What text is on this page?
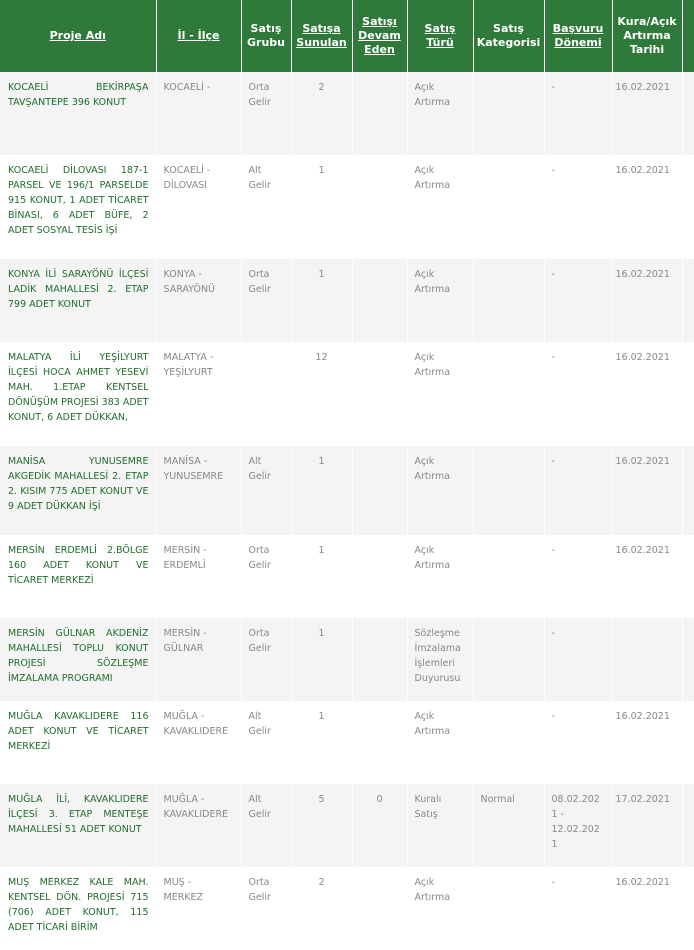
Proje Adı	İl - İlçe	Satış Grubu	Satışa Sunulan	Satışı Devam Eden	Satış Türü	Satış Kategorisi	Başvuru Dönemi	Kura/Açık Artırma Tarihi	
KOCAELİ BEKİRPAŞA TAVŞANTEPE 396 KONUT	KOCAELİ -	Orta Gelir	2		Açık Artırma		-	16.02.2021	
KOCAELİ DİLOVASI 187-1 PARSEL VE 196/1 PARSELDE 915 KONUT, 1 ADET TİCARET BİNASI, 6 ADET BÜFE, 2 ADET SOSYAL TESİS İŞİ	KOCAELİ - DİLOVASI	Alt Gelir	1		Açık Artırma		-	16.02.2021	
KONYA İLİ SARAYÖNÜ İLÇESİ LADİK MAHALLESİ 2. ETAP 799 ADET KONUT	KONYA - SARAYÖNÜ	Orta Gelir	1		Açık Artırma		-	16.02.2021	
MALATYA İLİ YEŞİLYURT İLÇESİ HOCA AHMET YESEVİ MAH. 1.ETAP KENTSEL DÖNÜŞÜM PROJESİ 383 ADET KONUT, 6 ADET DÜKKAN,	MALATYA - YEŞİLYURT		12		Açık Artırma		-	16.02.2021	
MANİSA YUNUSEMRE AKGEDİK MAHALLESİ 2. ETAP 2. KISIM 775 ADET KONUT VE 9 ADET DÜKKAN İŞİ	MANİSA - YUNUSEMRE	Alt Gelir	1		Açık Artırma		-	16.02.2021	
MERSİN ERDEMLİ 2.BÖLGE 160 ADET KONUT VE TİCARET MERKEZİ	MERSİN - ERDEMLİ	Orta Gelir	1		Açık Artırma		-	16.02.2021	
MERSİN GÜLNAR AKDENİZ MAHALLESİ TOPLU KONUT PROJESİ SÖZLEŞME İMZALAMA PROGRAMI	MERSİN - GÜLNAR	Orta Gelir	1		Sözleşme İmzalama İşlemleri Duyurusu		-		
MUĞLA KAVAKLIDERE 116 ADET KONUT VE TİCARET MERKEZİ	MUĞLA - KAVAKLIDERE	Alt Gelir	1		Açık Artırma		-	16.02.2021	
MUĞLA İLİ, KAVAKLIDERE İLÇESİ 3. ETAP MENTEŞE MAHALLESİ 51 ADET KONUT	MUĞLA - KAVAKLIDERE	Alt Gelir	5	0	Kuralı Satış	Normal	08.02.2021 - 12.02.2021	17.02.2021	
MUŞ MERKEZ KALE MAH. KENTSEL DÖN. PROJESİ 715 (706) ADET KONUT, 115 ADET TİCARİ BİRİM	MUŞ - MERKEZ	Orta Gelir	2		Açık Artırma		-	16.02.2021	
